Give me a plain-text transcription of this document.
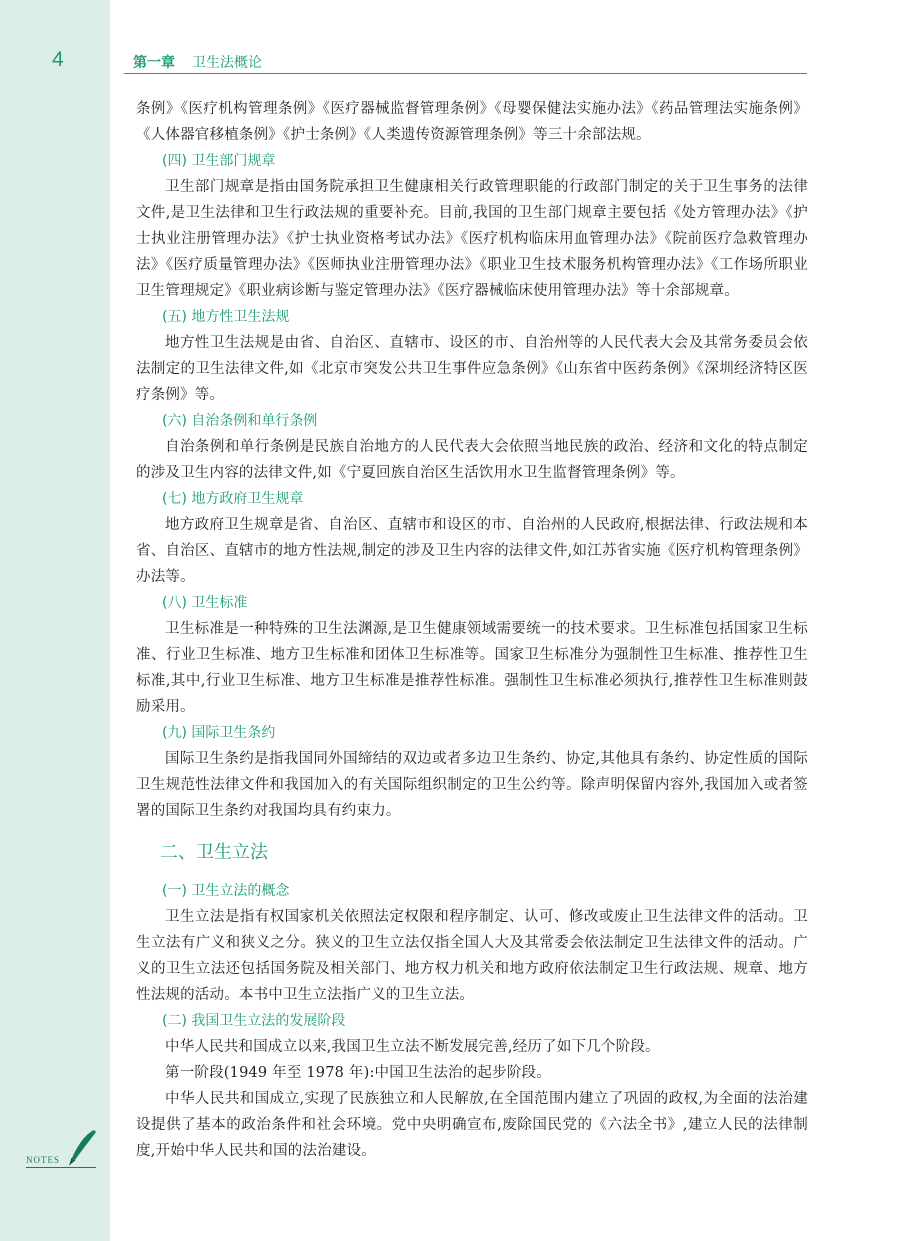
4	第一章 卫生法概论
NOTES

条例》《医疗机构管理条例》《医疗器械监督管理条例》《母婴保健法实施办法》《药品管理法实施条例》《人体器官移植条例》《护士条例》《人类遗传资源管理条例》等三十余部法规。

(四) 卫生部门规章

卫生部门规章是指由国务院承担卫生健康相关行政管理职能的行政部门制定的关于卫生事务的法律文件,是卫生法律和卫生行政法规的重要补充。目前,我国的卫生部门规章主要包括《处方管理办法》《护士执业注册管理办法》《护士执业资格考试办法》《医疗机构临床用血管理办法》《院前医疗急救管理办法》《医疗质量管理办法》《医师执业注册管理办法》《职业卫生技术服务机构管理办法》《工作场所职业卫生管理规定》《职业病诊断与鉴定管理办法》《医疗器械临床使用管理办法》等十余部规章。

(五) 地方性卫生法规

地方性卫生法规是由省、自治区、直辖市、设区的市、自治州等的人民代表大会及其常务委员会依法制定的卫生法律文件,如《北京市突发公共卫生事件应急条例》《山东省中医药条例》《深圳经济特区医疗条例》等。

(六) 自治条例和单行条例

自治条例和单行条例是民族自治地方的人民代表大会依照当地民族的政治、经济和文化的特点制定的涉及卫生内容的法律文件,如《宁夏回族自治区生活饮用水卫生监督管理条例》等。

(七) 地方政府卫生规章

地方政府卫生规章是省、自治区、直辖市和设区的市、自治州的人民政府,根据法律、行政法规和本省、自治区、直辖市的地方性法规,制定的涉及卫生内容的法律文件,如江苏省实施《医疗机构管理条例》办法等。

(八) 卫生标准

卫生标准是一种特殊的卫生法渊源,是卫生健康领域需要统一的技术要求。卫生标准包括国家卫生标准、行业卫生标准、地方卫生标准和团体卫生标准等。国家卫生标准分为强制性卫生标准、推荐性卫生标准,其中,行业卫生标准、地方卫生标准是推荐性标准。强制性卫生标准必须执行,推荐性卫生标准则鼓励采用。

(九) 国际卫生条约

国际卫生条约是指我国同外国缔结的双边或者多边卫生条约、协定,其他具有条约、协定性质的国际卫生规范性法律文件和我国加入的有关国际组织制定的卫生公约等。除声明保留内容外,我国加入或者签署的国际卫生条约对我国均具有约束力。

二、卫生立法

(一) 卫生立法的概念

卫生立法是指有权国家机关依照法定权限和程序制定、认可、修改或废止卫生法律文件的活动。卫生立法有广义和狭义之分。狭义的卫生立法仅指全国人大及其常委会依法制定卫生法律文件的活动。广义的卫生立法还包括国务院及相关部门、地方权力机关和地方政府依法制定卫生行政法规、规章、地方性法规的活动。本书中卫生立法指广义的卫生立法。

(二) 我国卫生立法的发展阶段

中华人民共和国成立以来,我国卫生立法不断发展完善,经历了如下几个阶段。

第一阶段(1949 年至 1978 年):中国卫生法治的起步阶段。

中华人民共和国成立,实现了民族独立和人民解放,在全国范围内建立了巩固的政权,为全面的法治建设提供了基本的政治条件和社会环境。党中央明确宣布,废除国民党的《六法全书》,建立人民的法律制度,开始中华人民共和国的法治建设。
